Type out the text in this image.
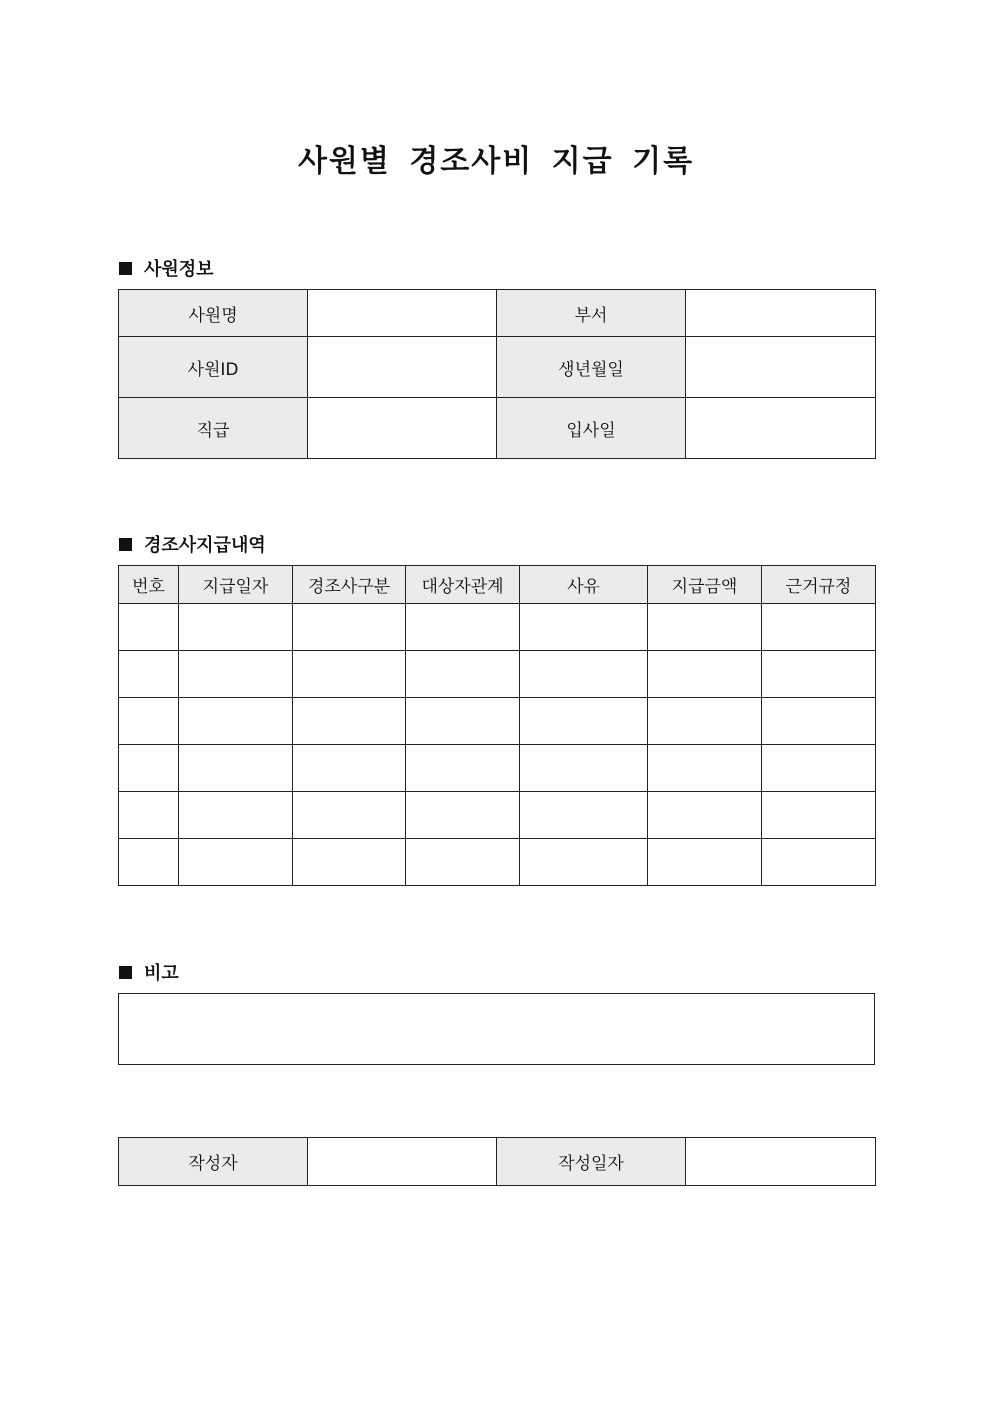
사원별 경조사비 지급 기록
사원정보
사원명		부서	
사원ID		생년월일	
직급		입사일	
경조사지급내역
번호	지급일자	경조사구분	대상자관계	사유	지급금액	근거규정

비고
작성자		작성일자	
